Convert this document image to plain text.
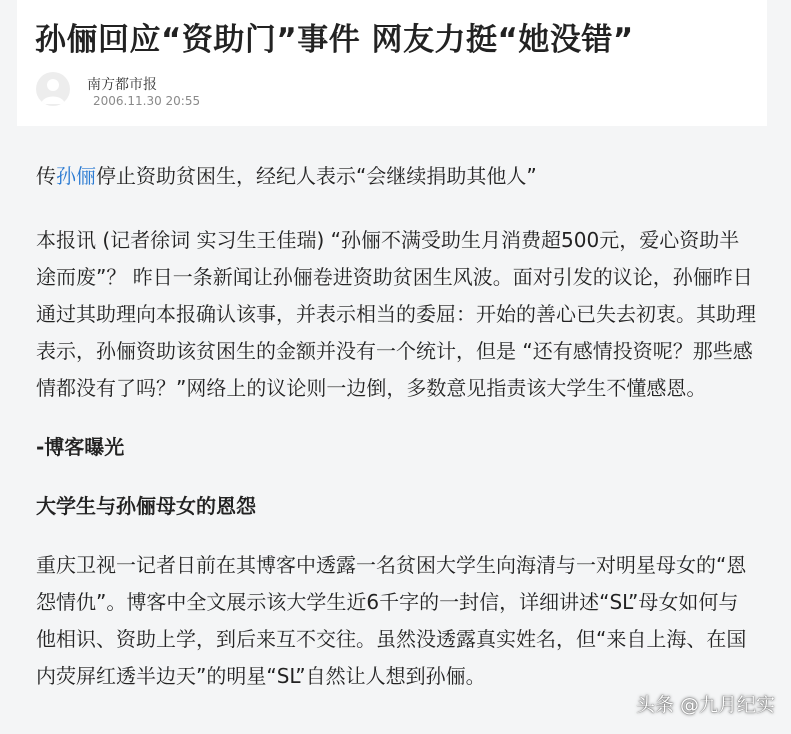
孙俪回应“资助门”事件 网友力挺“她没错”
南方都市报
2006.11.30 20:55

传孙俪停止资助贫困生，经纪人表示“会继续捐助其他人”

本报讯 (记者徐词 实习生王佳瑞) “孙俪不满受助生月消费超500元，爱心资助半途而废”？ 昨日一条新闻让孙俪卷进资助贫困生风波。面对引发的议论，孙俪昨日通过其助理向本报确认该事，并表示相当的委屈：开始的善心已失去初衷。其助理表示，孙俪资助该贫困生的金额并没有一个统计，但是 “还有感情投资呢？那些感情都没有了吗？”网络上的议论则一边倒，多数意见指责该大学生不懂感恩。

-博客曝光

大学生与孙俪母女的恩怨

重庆卫视一记者日前在其博客中透露一名贫困大学生向海清与一对明星母女的“恩怨情仇”。博客中全文展示该大学生近6千字的一封信，详细讲述“SL”母女如何与他相识、资助上学，到后来互不交往。虽然没透露真实姓名，但“来自上海、在国内荧屏红透半边天”的明星“SL”自然让人想到孙俪。

头条 @九月纪实
